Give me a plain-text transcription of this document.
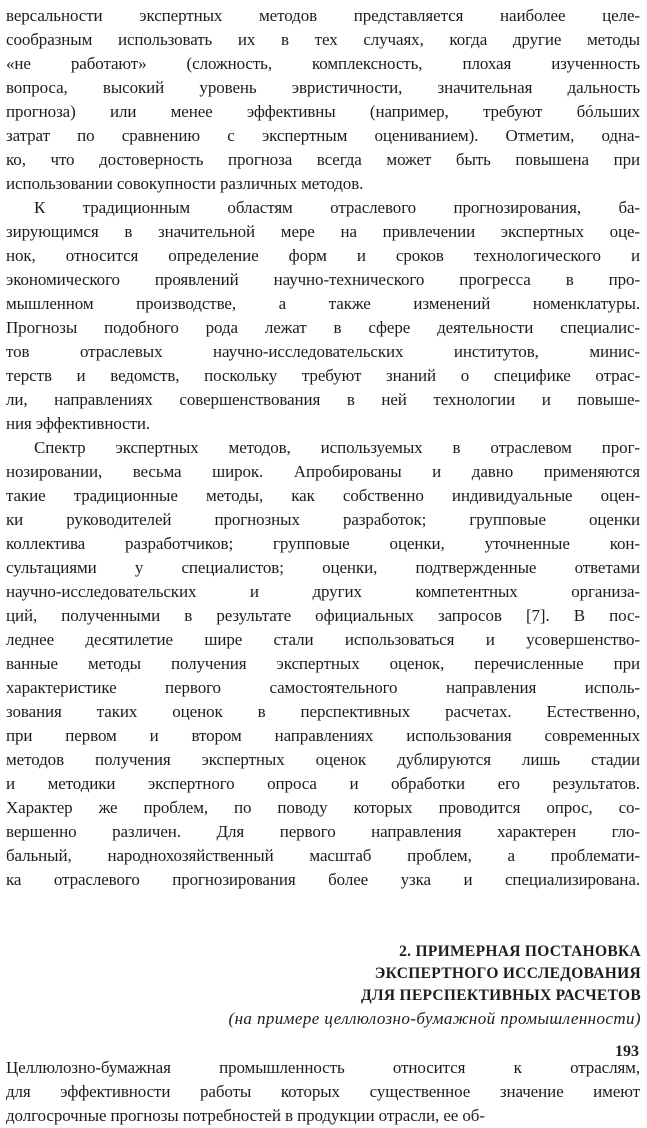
версальности экспертных методов представляется наиболее целе-
сообразным использовать их в тех случаях, когда другие методы
«не работают» (сложность, комплексность, плохая изученность
вопроса, высокий уровень эвристичности, значительная дальность
прогноза) или менее эффективны (например, требуют бóльших
затрат по сравнению с экспертным оцениванием). Отметим, одна-
ко, что достоверность прогноза всегда может быть повышена при
использовании совокупности различных методов.
К традиционным областям отраслевого прогнозирования, ба-
зирующимся в значительной мере на привлечении экспертных оце-
нок, относится определение форм и сроков технологического и
экономического проявлений научно-технического прогресса в про-
мышленном производстве, а также изменений номенклатуры.
Прогнозы подобного рода лежат в сфере деятельности специалис-
тов отраслевых научно-исследовательских институтов, минис-
терств и ведомств, поскольку требуют знаний о специфике отрас-
ли, направлениях совершенствования в ней технологии и повыше-
ния эффективности.
Спектр экспертных методов, используемых в отраслевом прог-
нозировании, весьма широк. Апробированы и давно применяются
такие традиционные методы, как собственно индивидуальные оцен-
ки руководителей прогнозных разработок; групповые оценки
коллектива разработчиков; групповые оценки, уточненные кон-
сультациями у специалистов; оценки, подтвержденные ответами
научно-исследовательских и других компетентных организа-
ций, полученными в результате официальных запросов [7]. В пос-
леднее десятилетие шире стали использоваться и усовершенство-
ванные методы получения экспертных оценок, перечисленные при
характеристике первого самостоятельного направления исполь-
зования таких оценок в перспективных расчетах. Естественно,
при первом и втором направлениях использования современных
методов получения экспертных оценок дублируются лишь стадии
и методики экспертного опроса и обработки его результатов.
Характер же проблем, по поводу которых проводится опрос, со-
вершенно различен. Для первого направления характерен гло-
бальный, народнохозяйственный масштаб проблем, а проблемати-
ка отраслевого прогнозирования более узка и специализирована.
2. ПРИМЕРНАЯ ПОСТАНОВКА
ЭКСПЕРТНОГО ИССЛЕДОВАНИЯ
ДЛЯ ПЕРСПЕКТИВНЫХ РАСЧЕТОВ
(на примере целлюлозно-бумажной промышленности)
Целлюлозно-бумажная промышленность относится к отраслям,
для эффективности работы которых существенное значение имеют
долгосрочные прогнозы потребностей в продукции отрасли, ее об-
193
